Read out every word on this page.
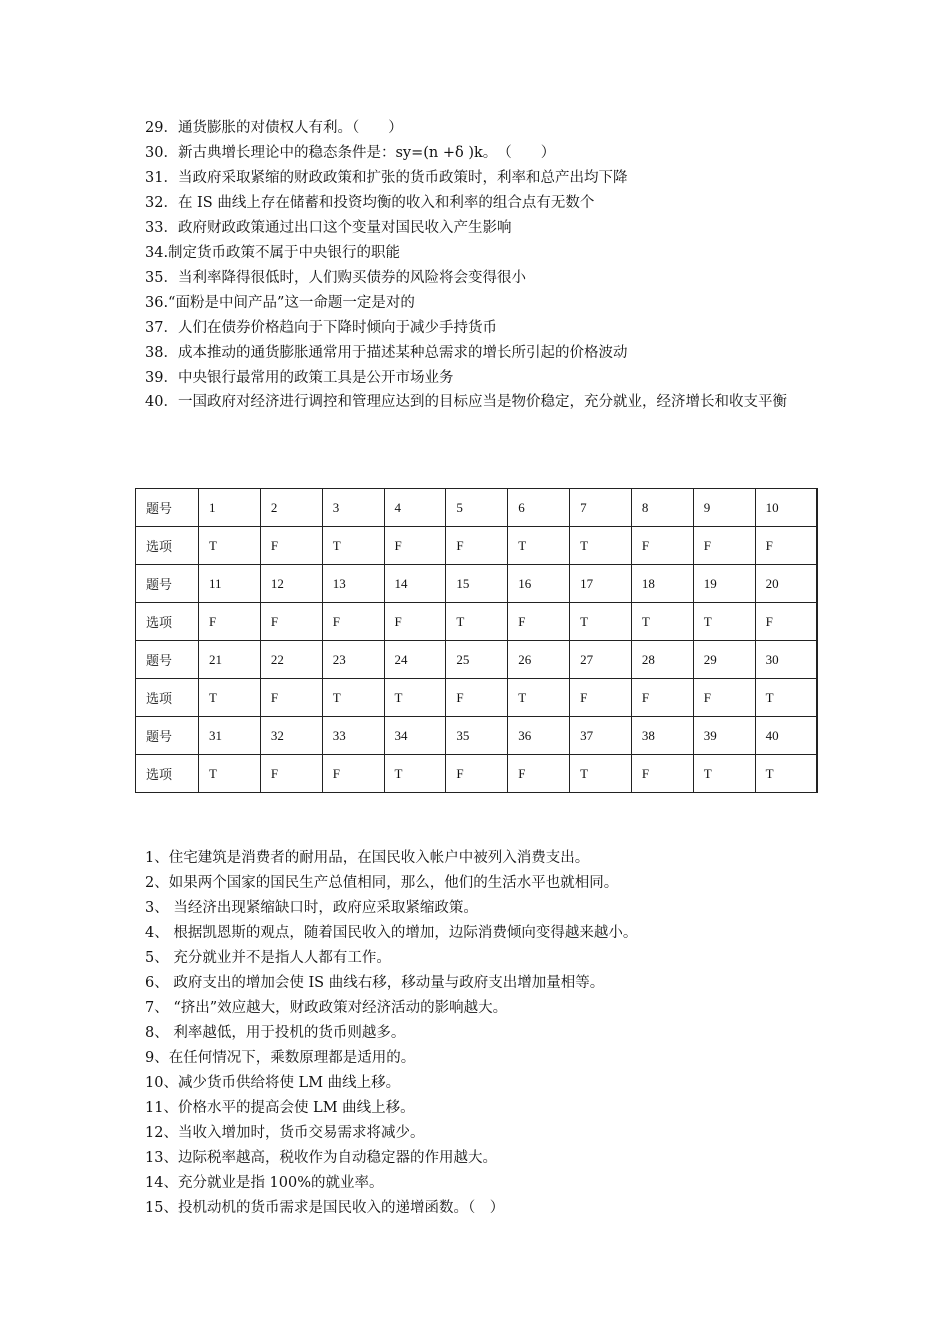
29．通货膨胀的对债权人有利。（　　）
30．新古典增长理论中的稳态条件是：sy=(n +δ )k。　（　　）
31．当政府采取紧缩的财政政策和扩张的货币政策时，利率和总产出均下降
32．在 IS 曲线上存在储蓄和投资均衡的收入和利率的组合点有无数个
33．政府财政政策通过出口这个变量对国民收入产生影响
34.制定货币政策不属于中央银行的职能
35．当利率降得很低时，人们购买债券的风险将会变得很小
36.“面粉是中间产品”这一命题一定是对的
37．人们在债券价格趋向于下降时倾向于减少手持货币
38．成本推动的通货膨胀通常用于描述某种总需求的增长所引起的价格波动
39．中央银行最常用的政策工具是公开市场业务
40．一国政府对经济进行调控和管理应达到的目标应当是物价稳定，充分就业，经济增长和收支平衡
题号	1	2	3	4	5	6	7	8	9	10
选项	T	F	T	F	F	T	T	F	F	F
题号	11	12	13	14	15	16	17	18	19	20
选项	F	F	F	F	T	F	T	T	T	F
题号	21	22	23	24	25	26	27	28	29	30
选项	T	F	T	T	F	T	F	F	F	T
题号	31	32	33	34	35	36	37	38	39	40
选项	T	F	F	T	F	F	T	F	T	T
1、住宅建筑是消费者的耐用品，在国民收入帐户中被列入消费支出。
2、如果两个国家的国民生产总值相同，那么，他们的生活水平也就相同。
3、 当经济出现紧缩缺口时，政府应采取紧缩政策。
4、 根据凯恩斯的观点，随着国民收入的增加，边际消费倾向变得越来越小。
5、 充分就业并不是指人人都有工作。
6、 政府支出的增加会使 IS 曲线右移，移动量与政府支出增加量相等。
7、 “挤出”效应越大，财政政策对经济活动的影响越大。
8、 利率越低，用于投机的货币则越多。
9、在任何情况下，乘数原理都是适用的。
10、减少货币供给将使 LM 曲线上移。
11、价格水平的提高会使 LM 曲线上移。
12、当收入增加时，货币交易需求将减少。
13、边际税率越高，税收作为自动稳定器的作用越大。
14、充分就业是指 100%的就业率。
15、投机动机的货币需求是国民收入的递增函数。（　）
